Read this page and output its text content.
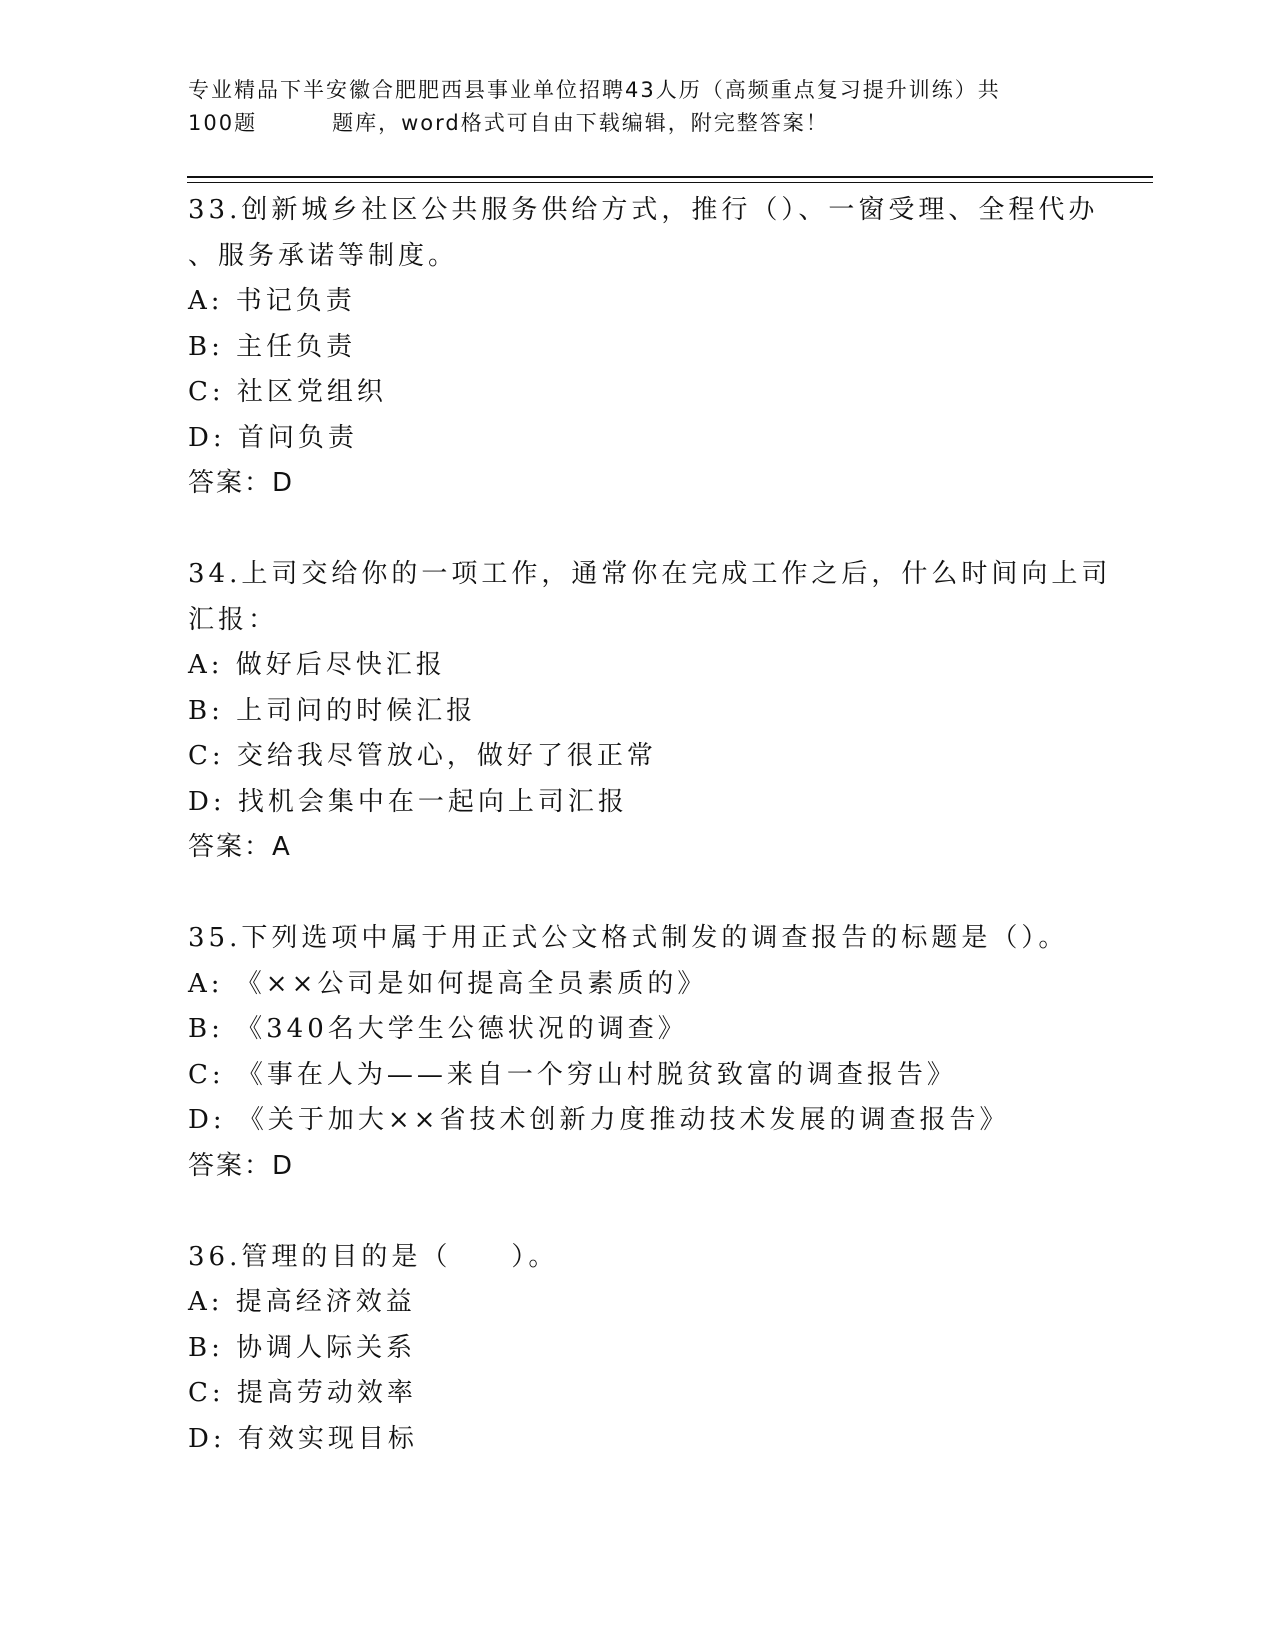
专业精品下半安徽合肥肥西县事业单位招聘43人历（高频重点复习提升训练）共
100题	题库，word格式可自由下载编辑，附完整答案！
33.创新城乡社区公共服务供给方式，推行（）、一窗受理、全程代办
、服务承诺等制度。
A: 书记负责
B: 主任负责
C: 社区党组织
D: 首问负责
答案：D
34.上司交给你的一项工作，通常你在完成工作之后，什么时间向上司
汇报：
A: 做好后尽快汇报
B: 上司问的时候汇报
C: 交给我尽管放心，做好了很正常
D: 找机会集中在一起向上司汇报
答案：A
35.下列选项中属于用正式公文格式制发的调查报告的标题是（）。
A: 《××公司是如何提高全员素质的》
B: 《340名大学生公德状况的调查》
C: 《事在人为——来自一个穷山村脱贫致富的调查报告》
D: 《关于加大××省技术创新力度推动技术发展的调查报告》
答案：D
36.管理的目的是（　　）。
A: 提高经济效益
B: 协调人际关系
C: 提高劳动效率
D: 有效实现目标
